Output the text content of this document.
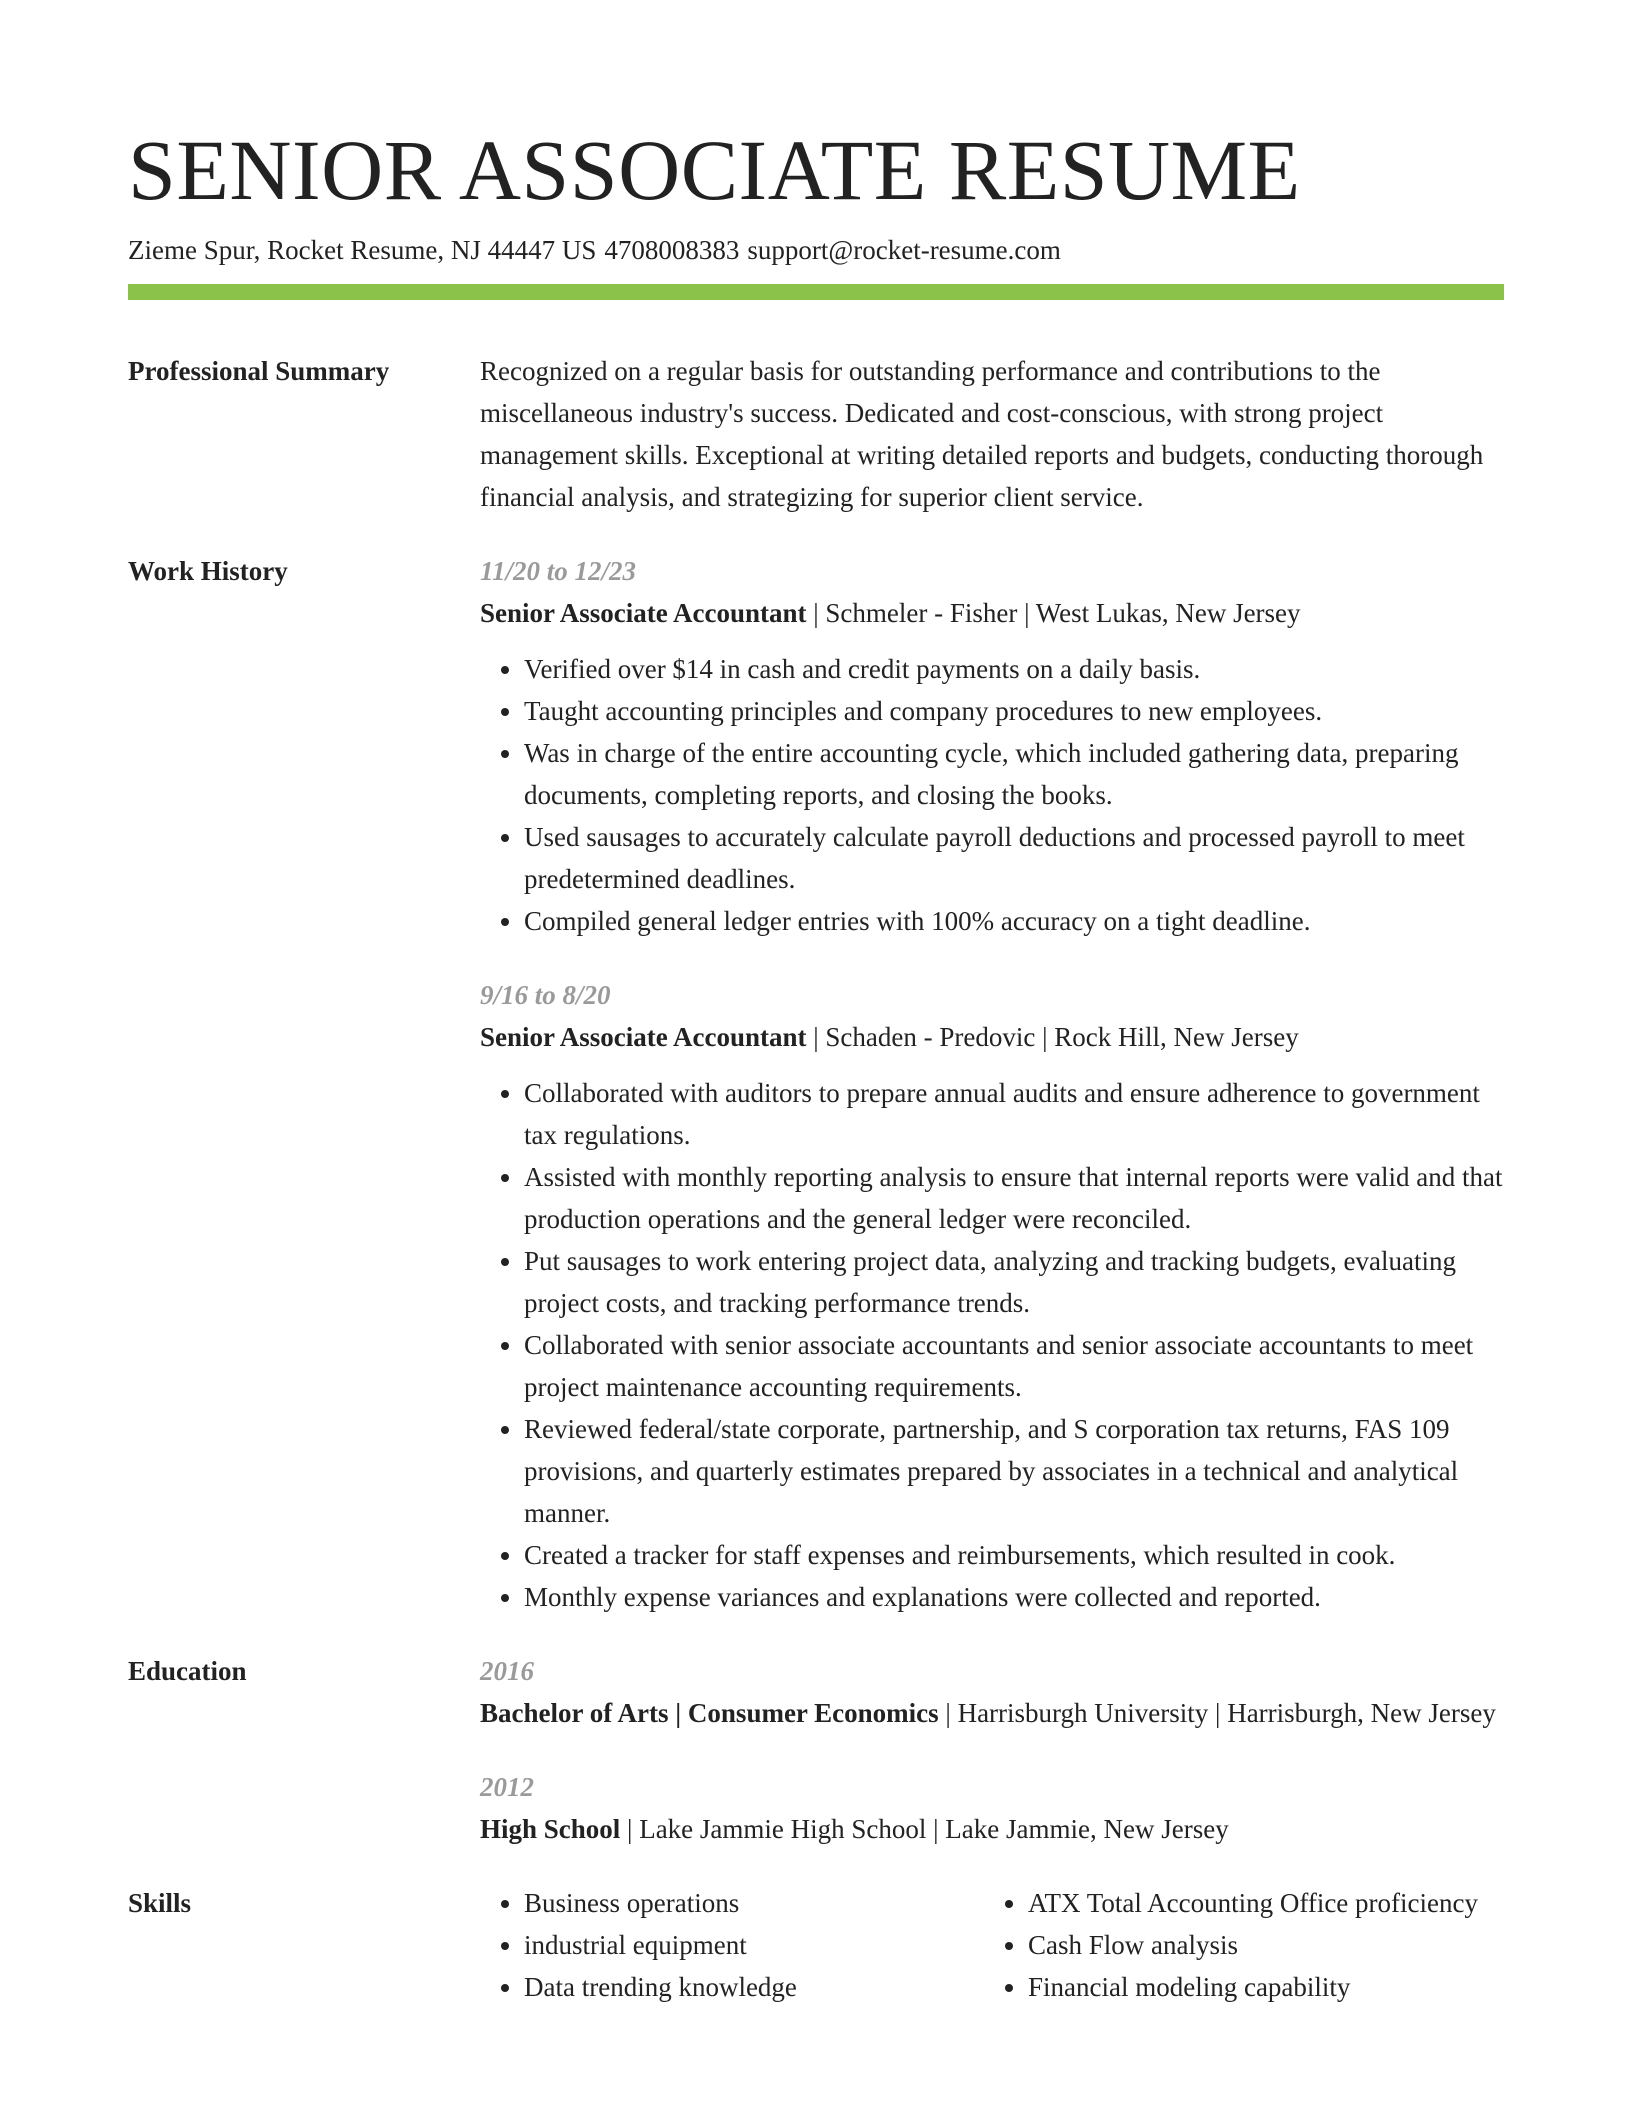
SENIOR ASSOCIATE RESUME
Zieme Spur, Rocket Resume, NJ 44447 US 4708008383 support@rocket-resume.com
Professional Summary	Recognized on a regular basis for outstanding performance and contributions to the miscellaneous industry's success. Dedicated and cost-conscious, with strong project management skills. Exceptional at writing detailed reports and budgets, conducting thorough financial analysis, and strategizing for superior client service.
Work History	11/20 to 12/23
Senior Associate Accountant | Schmeler - Fisher | West Lukas, New Jersey
• Verified over $14 in cash and credit payments on a daily basis.
• Taught accounting principles and company procedures to new employees.
• Was in charge of the entire accounting cycle, which included gathering data, preparing documents, completing reports, and closing the books.
• Used sausages to accurately calculate payroll deductions and processed payroll to meet predetermined deadlines.
• Compiled general ledger entries with 100% accuracy on a tight deadline.
9/16 to 8/20
Senior Associate Accountant | Schaden - Predovic | Rock Hill, New Jersey
• Collaborated with auditors to prepare annual audits and ensure adherence to government tax regulations.
• Assisted with monthly reporting analysis to ensure that internal reports were valid and that production operations and the general ledger were reconciled.
• Put sausages to work entering project data, analyzing and tracking budgets, evaluating project costs, and tracking performance trends.
• Collaborated with senior associate accountants and senior associate accountants to meet project maintenance accounting requirements.
• Reviewed federal/state corporate, partnership, and S corporation tax returns, FAS 109 provisions, and quarterly estimates prepared by associates in a technical and analytical manner.
• Created a tracker for staff expenses and reimbursements, which resulted in cook.
• Monthly expense variances and explanations were collected and reported.
Education	2016
Bachelor of Arts | Consumer Economics | Harrisburgh University | Harrisburgh, New Jersey
2012
High School | Lake Jammie High School | Lake Jammie, New Jersey
Skills
•	Business operations
• industrial equipment
• Data trending knowledge
• ATX Total Accounting Office proficiency
• Cash Flow analysis
• Financial modeling capability
